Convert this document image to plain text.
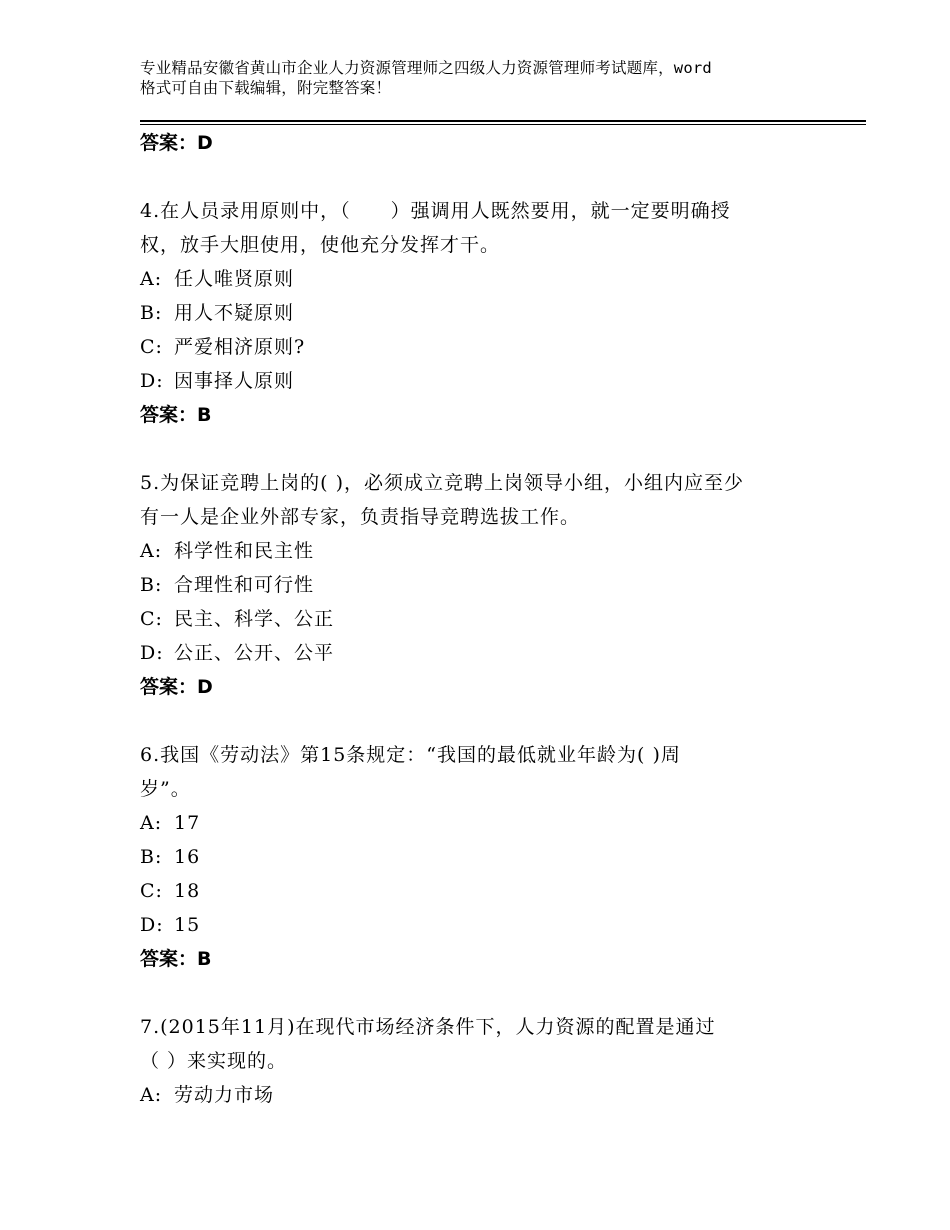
专业精品安徽省黄山市企业人力资源管理师之四级人力资源管理师考试题库，word
格式可自由下载编辑，附完整答案！
答案：D
4.在人员录用原则中，（　　）强调用人既然要用，就一定要明确授
权，放手大胆使用，使他充分发挥才干。
A: 任人唯贤原则
B: 用人不疑原则
C: 严爱相济原则?
D: 因事择人原则
答案：B
5.为保证竞聘上岗的( )，必须成立竞聘上岗领导小组，小组内应至少
有一人是企业外部专家，负责指导竞聘选拔工作。
A: 科学性和民主性
B: 合理性和可行性
C: 民主、科学、公正
D: 公正、公开、公平
答案：D
6.我国《劳动法》第15条规定：“我国的最低就业年龄为( )周
岁”。
A: 17
B: 16
C: 18
D: 15
答案：B
7.(2015年11月)在现代市场经济条件下，人力资源的配置是通过
（ ）来实现的。
A: 劳动力市场
